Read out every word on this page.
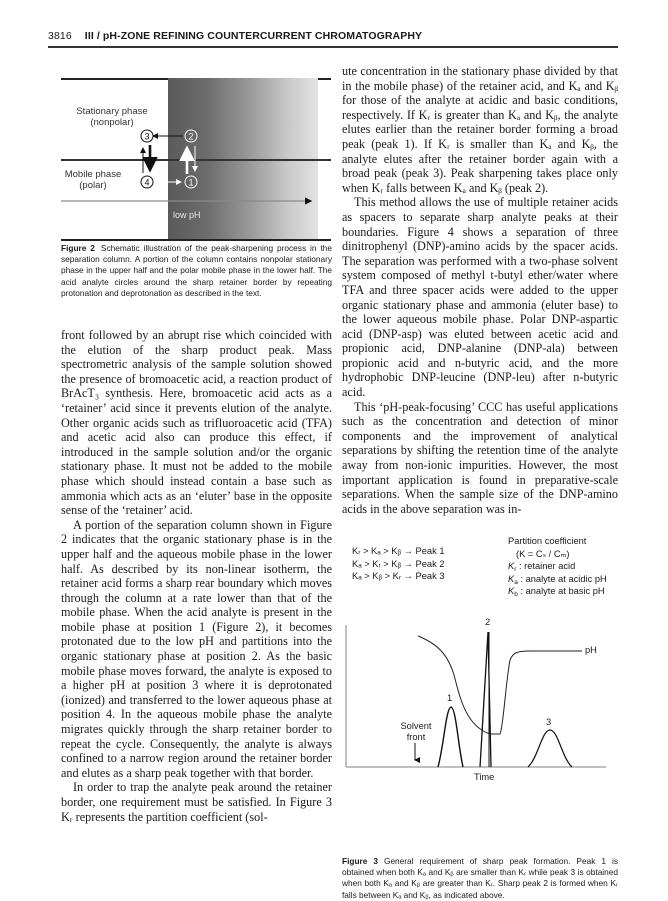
3816 III / pH-ZONE REFINING COUNTERCURRENT CHROMATOGRAPHY
Stationary phase
(nonpolar)
Mobile phase
(polar)
low pH
3
4
2
1
Figure 2 Schematic illustration of the peak-sharpening process in the separation column. A portion of the column contains nonpolar stationary phase in the upper half and the polar mobile phase in the lower half. The acid analyte circles around the sharp retainer border by repeating protonation and deprotonation as described in the text.

front followed by an abrupt rise which coincided with the elution of the sharp product peak. Mass spectrometric analysis of the sample solution showed the presence of bromoacetic acid, a reaction product of BrAcT₃ synthesis. Here, bromoacetic acid acts as a ‘retainer’ acid since it prevents elution of the analyte. Other organic acids such as trifluoroacetic acid (TFA) and acetic acid also can produce this effect, if introduced in the sample solution and/or the organic stationary phase. It must not be added to the mobile phase which should instead contain a base such as ammonia which acts as an ‘eluter’ base in the opposite sense of the ‘retainer’ acid.

A portion of the separation column shown in Figure 2 indicates that the organic stationary phase is in the upper half and the aqueous mobile phase in the lower half. As described by its non-linear isotherm, the retainer acid forms a sharp rear boundary which moves through the column at a rate lower than that of the mobile phase. When the acid analyte is present in the mobile phase at position 1 (Figure 2), it becomes protonated due to the low pH and partitions into the organic stationary phase at position 2. As the basic mobile phase moves forward, the analyte is exposed to a higher pH at position 3 where it is deprotonated (ionized) and transferred to the lower aqueous phase at position 4. In the aqueous mobile phase the analyte migrates quickly through the sharp retainer border to repeat the cycle. Consequently, the analyte is always confined to a narrow region around the retainer border and elutes as a sharp peak together with that border.

In order to trap the analyte peak around the retainer border, one requirement must be satisfied. In Figure 3 Kᵣ represents the partition coefficient (sol-

ute concentration in the stationary phase divided by that in the mobile phase) of the retainer acid, and Kₐ and Kᵦ for those of the analyte at acidic and basic conditions, respectively. If Kᵣ is greater than Kₐ and Kᵦ, the analyte elutes earlier than the retainer border forming a broad peak (peak 1). If Kᵣ is smaller than Kₐ and Kᵦ, the analyte elutes after the retainer border again with a broad peak (peak 3). Peak sharpening takes place only when Kᵣ falls between Kₐ and Kᵦ (peak 2).

This method allows the use of multiple retainer acids as spacers to separate sharp analyte peaks at their boundaries. Figure 4 shows a separation of three dinitrophenyl (DNP)-amino acids by the spacer acids. The separation was performed with a two-phase solvent system composed of methyl t-butyl ether/water where TFA and three spacer acids were added to the upper organic stationary phase and ammonia (eluter base) to the lower aqueous mobile phase. Polar DNP-aspartic acid (DNP-asp) was eluted between acetic acid and propionic acid, DNP-alanine (DNP-ala) between propionic acid and n-butyric acid, and the more hydrophobic DNP-leucine (DNP-leu) after n-butyric acid.

This ‘pH-peak-focusing’ CCC has useful applications such as the concentration and detection of minor components and the improvement of analytical separations by shifting the retention time of the analyte away from non-ionic impurities. However, the most important application is found in preparative-scale separations. When the sample size of the DNP-amino acids in the above separation was in-

Kᵣ > Kₐ > Kᵦ → Peak 1
Kₐ > Kᵣ > Kᵦ → Peak 2
Kₐ > Kᵦ > Kᵣ → Peak 3
Partition coefficient
(K = Cₛ / Cₘ)
$K_r$ : retainer acid
$K_a$ : analyte at acidic pH
$K_b$ : analyte at basic pH
1
2
3
pH
Solvent
front
Time
Figure 3 General requirement of sharp peak formation. Peak 1 is obtained when both Kₐ and Kᵦ are smaller than Kᵣ while peak 3 is obtained when both Kₐ and Kᵦ are greater than Kᵣ. Sharp peak 2 is formed when Kᵣ falls between Kₐ and Kᵦ, as indicated above.
